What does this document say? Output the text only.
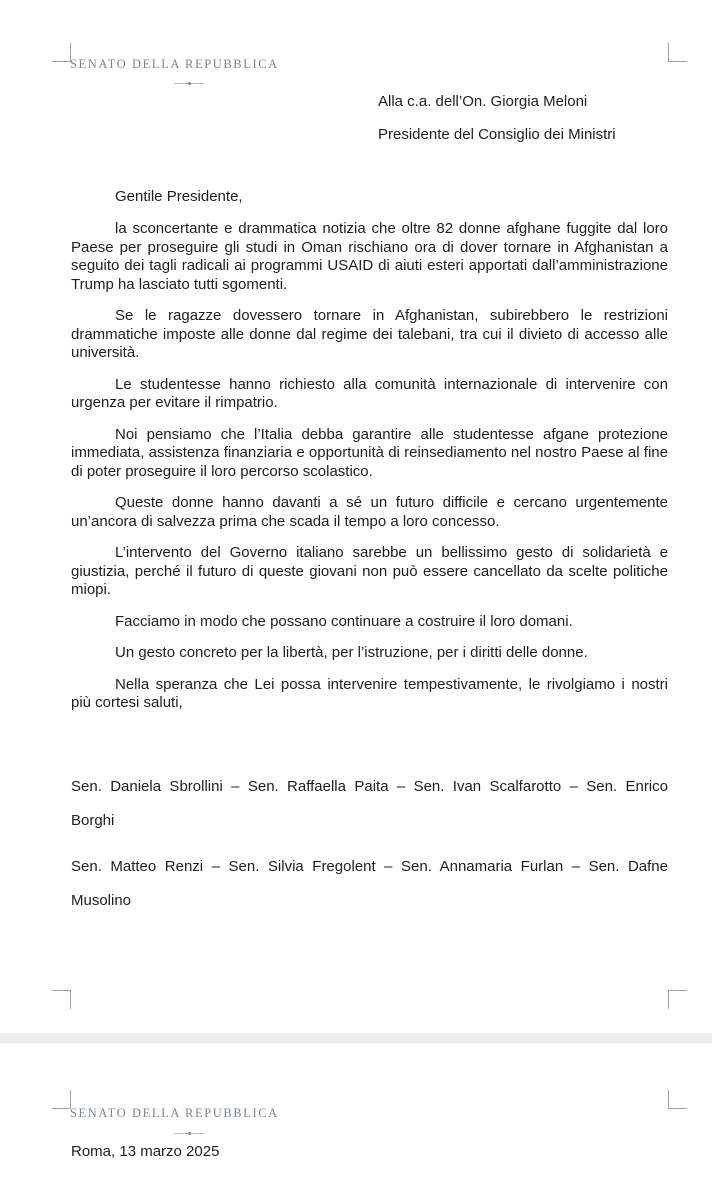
SENATO DELLA REPUBBLICA
Alla c.a. dell’On. Giorgia Meloni
Presidente del Consiglio dei Ministri
Gentile Presidente,

la sconcertante e drammatica notizia che oltre 82 donne afghane fuggite dal loro Paese per proseguire gli studi in Oman rischiano ora di dover tornare in Afghanistan a seguito dei tagli radicali ai programmi USAID di aiuti esteri apportati dall’amministrazione Trump ha lasciato tutti sgomenti.

Se le ragazze dovessero tornare in Afghanistan, subirebbero le restrizioni drammatiche imposte alle donne dal regime dei talebani, tra cui il divieto di accesso alle università.

Le studentesse hanno richiesto alla comunità internazionale di intervenire con urgenza per evitare il rimpatrio.

Noi pensiamo che l’Italia debba garantire alle studentesse afgane protezione immediata, assistenza finanziaria e opportunità di reinsediamento nel nostro Paese al fine di poter proseguire il loro percorso scolastico.

Queste donne hanno davanti a sé un futuro difficile e cercano urgentemente un’ancora di salvezza prima che scada il tempo a loro concesso.

L’intervento del Governo italiano sarebbe un bellissimo gesto di solidarietà e giustizia, perché il futuro di queste giovani non può essere cancellato da scelte politiche miopi.

Facciamo in modo che possano continuare a costruire il loro domani.

Un gesto concreto per la libertà, per l’istruzione, per i diritti delle donne.

Nella speranza che Lei possa intervenire tempestivamente, le rivolgiamo i nostri più cortesi saluti,

Sen. Daniela Sbrollini – Sen. Raffaella Paita – Sen. Ivan Scalfarotto – Sen. Enrico
Borghi
Sen. Matteo Renzi – Sen. Silvia Fregolent – Sen. Annamaria Furlan – Sen. Dafne
Musolino
SENATO DELLA REPUBBLICA
Roma, 13 marzo 2025
